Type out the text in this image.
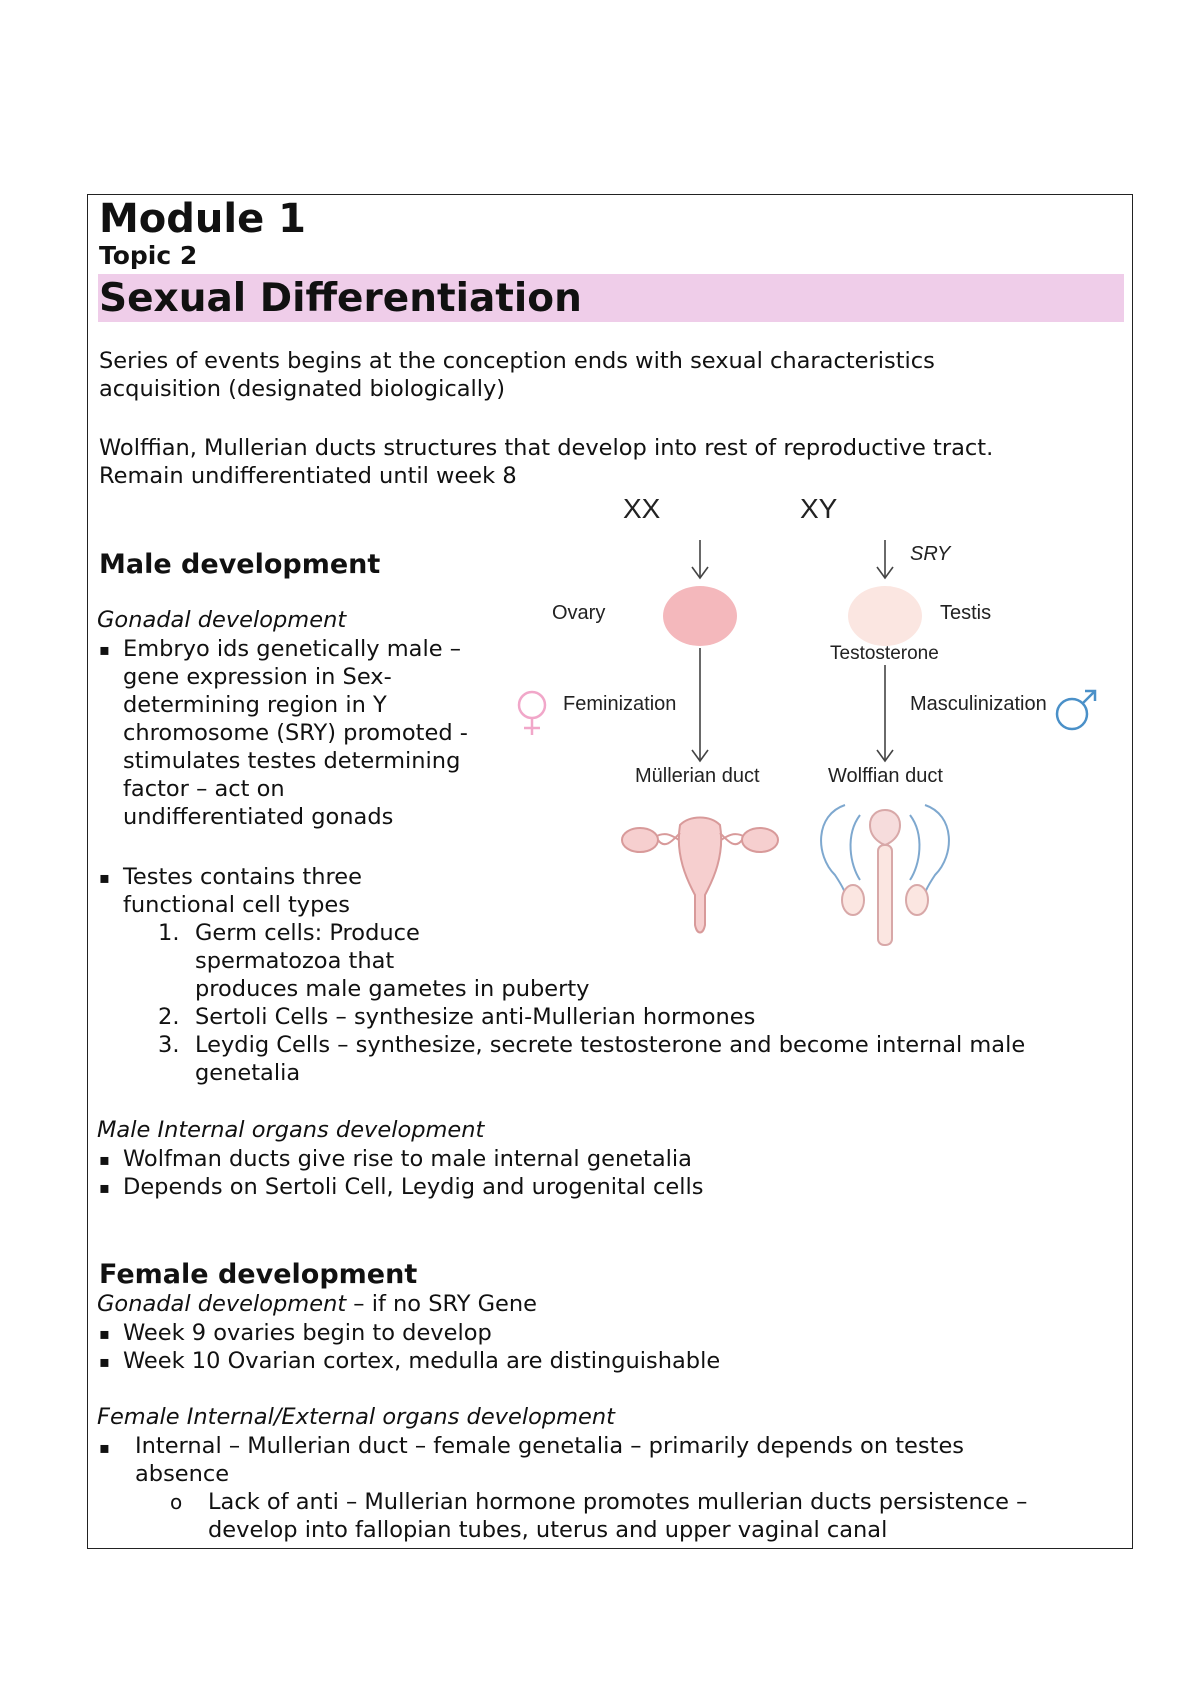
Module 1
Topic 2
Sexual Differentiation
Series of events begins at the conception ends with sexual characteristics
acquisition (designated biologically)
Wolffian, Mullerian ducts structures that develop into rest of reproductive tract.
Remain undifferentiated until week 8
Male development
Gonadal development
▪ Embryo ids genetically male –
gene expression in Sex-
determining region in Y
chromosome (SRY) promoted -
stimulates testes determining
factor – act on
undifferentiated gonads
▪ Testes contains three
functional cell types
1. Germ cells: Produce
spermatozoa that
produces male gametes in puberty
2. Sertoli Cells – synthesize anti-Mullerian hormones
3. Leydig Cells – synthesize, secrete testosterone and become internal male
genetalia
Male Internal organs development
▪ Wolfman ducts give rise to male internal genetalia
▪ Depends on Sertoli Cell, Leydig and urogenital cells
Female development
Gonadal development – if no SRY Gene
▪ Week 9 ovaries begin to develop
▪ Week 10 Ovarian cortex, medulla are distinguishable
Female Internal/External organs development
▪ Internal – Mullerian duct – female genetalia – primarily depends on testes
absence
o Lack of anti – Mullerian hormone promotes mullerian ducts persistence –
develop into fallopian tubes, uterus and upper vaginal canal
XX	XY
SRY
Ovary	Testis
Testosterone
Feminization	Masculinization
Müllerian duct	Wolffian duct
